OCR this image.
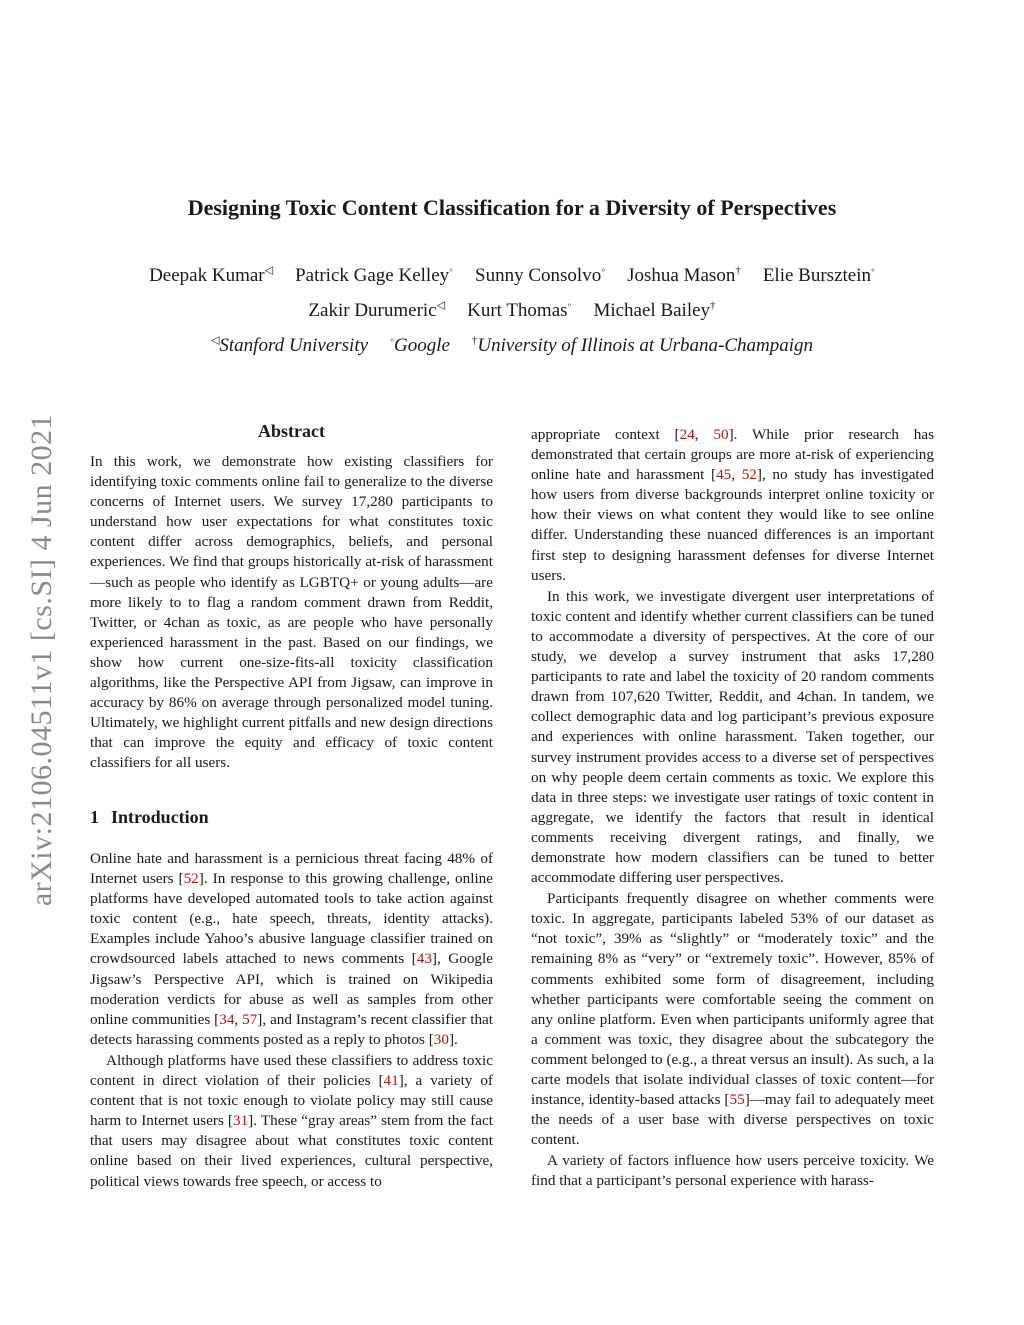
arXiv:2106.04511v1 [cs.SI] 4 Jun 2021
Designing Toxic Content Classification for a Diversity of Perspectives
Deepak Kumar◁ Patrick Gage Kelley◦ Sunny Consolvo◦ Joshua Mason† Elie Bursztein◦
Zakir Durumeric◁ Kurt Thomas◦ Michael Bailey†
◁Stanford University ◦Google †University of Illinois at Urbana-Champaign
Abstract

In this work, we demonstrate how existing classifiers for identifying toxic comments online fail to generalize to the diverse concerns of Internet users. We survey 17,280 participants to understand how user expectations for what constitutes toxic content differ across demographics, beliefs, and personal experiences. We find that groups historically at-risk of harassment—such as people who identify as LGBTQ+ or young adults—are more likely to to flag a random comment drawn from Reddit, Twitter, or 4chan as toxic, as are people who have personally experienced harassment in the past. Based on our findings, we show how current one-size-fits-all toxicity classification algorithms, like the Perspective API from Jigsaw, can improve in accuracy by 86% on average through personalized model tuning. Ultimately, we highlight current pitfalls and new design directions that can improve the equity and efficacy of toxic content classifiers for all users.

1 Introduction

Online hate and harassment is a pernicious threat facing 48% of Internet users [52]. In response to this growing challenge, online platforms have developed automated tools to take action against toxic content (e.g., hate speech, threats, identity attacks). Examples include Yahoo’s abusive language classifier trained on crowdsourced labels attached to news comments [43], Google Jigsaw’s Perspective API, which is trained on Wikipedia moderation verdicts for abuse as well as samples from other online communities [34, 57], and Instagram’s recent classifier that detects harassing comments posted as a reply to photos [30].

Although platforms have used these classifiers to address toxic content in direct violation of their policies [41], a variety of content that is not toxic enough to violate policy may still cause harm to Internet users [31]. These “gray areas” stem from the fact that users may disagree about what constitutes toxic content online based on their lived experiences, cultural perspective, political views towards free speech, or access to

appropriate context [24, 50]. While prior research has demonstrated that certain groups are more at-risk of experiencing online hate and harassment [45, 52], no study has investigated how users from diverse backgrounds interpret online toxicity or how their views on what content they would like to see online differ. Understanding these nuanced differences is an important first step to designing harassment defenses for diverse Internet users.

In this work, we investigate divergent user interpretations of toxic content and identify whether current classifiers can be tuned to accommodate a diversity of perspectives. At the core of our study, we develop a survey instrument that asks 17,280 participants to rate and label the toxicity of 20 random comments drawn from 107,620 Twitter, Reddit, and 4chan. In tandem, we collect demographic data and log participant’s previous exposure and experiences with online harassment. Taken together, our survey instrument provides access to a diverse set of perspectives on why people deem certain comments as toxic. We explore this data in three steps: we investigate user ratings of toxic content in aggregate, we identify the factors that result in identical comments receiving divergent ratings, and finally, we demonstrate how modern classifiers can be tuned to better accommodate differing user perspectives.

Participants frequently disagree on whether comments were toxic. In aggregate, participants labeled 53% of our dataset as “not toxic”, 39% as “slightly” or “moderately toxic” and the remaining 8% as “very” or “extremely toxic”. However, 85% of comments exhibited some form of disagreement, including whether participants were comfortable seeing the comment on any online platform. Even when participants uniformly agree that a comment was toxic, they disagree about the subcategory the comment belonged to (e.g., a threat versus an insult). As such, a la carte models that isolate individual classes of toxic content—for instance, identity-based attacks [55]—may fail to adequately meet the needs of a user base with diverse perspectives on toxic content.

A variety of factors influence how users perceive toxicity. We find that a participant’s personal experience with harass-
